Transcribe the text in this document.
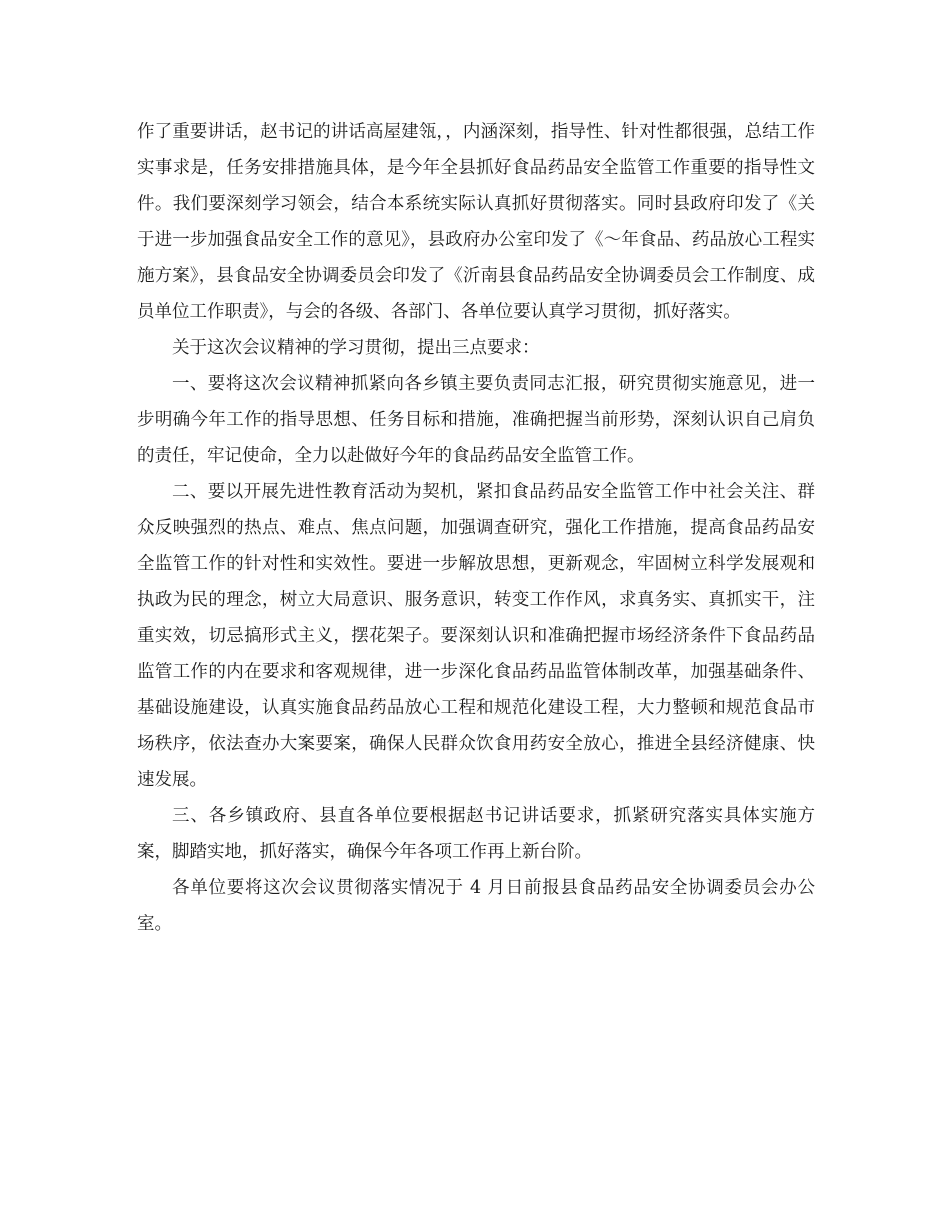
作了重要讲话，赵书记的讲话高屋建瓴，，内涵深刻，指导性、针对性都很强，总结工作实事求是，任务安排措施具体，是今年全县抓好食品药品安全监管工作重要的指导性文件。我们要深刻学习领会，结合本系统实际认真抓好贯彻落实。同时县政府印发了《关于进一步加强食品安全工作的意见》，县政府办公室印发了《～年食品、药品放心工程实施方案》，县食品安全协调委员会印发了《沂南县食品药品安全协调委员会工作制度、成员单位工作职责》，与会的各级、各部门、各单位要认真学习贯彻，抓好落实。

关于这次会议精神的学习贯彻，提出三点要求：

一、要将这次会议精神抓紧向各乡镇主要负责同志汇报，研究贯彻实施意见，进一步明确今年工作的指导思想、任务目标和措施，准确把握当前形势，深刻认识自己肩负的责任，牢记使命，全力以赴做好今年的食品药品安全监管工作。

二、要以开展先进性教育活动为契机，紧扣食品药品安全监管工作中社会关注、群众反映强烈的热点、难点、焦点问题，加强调查研究，强化工作措施，提高食品药品安全监管工作的针对性和实效性。要进一步解放思想，更新观念，牢固树立科学发展观和执政为民的理念，树立大局意识、服务意识，转变工作作风，求真务实、真抓实干，注重实效，切忌搞形式主义，摆花架子。要深刻认识和准确把握市场经济条件下食品药品监管工作的内在要求和客观规律，进一步深化食品药品监管体制改革，加强基础条件、基础设施建设，认真实施食品药品放心工程和规范化建设工程，大力整顿和规范食品市场秩序，依法查办大案要案，确保人民群众饮食用药安全放心，推进全县经济健康、快速发展。

三、各乡镇政府、县直各单位要根据赵书记讲话要求，抓紧研究落实具体实施方案，脚踏实地，抓好落实，确保今年各项工作再上新台阶。

各单位要将这次会议贯彻落实情况于 4 月日前报县食品药品安全协调委员会办公室。
